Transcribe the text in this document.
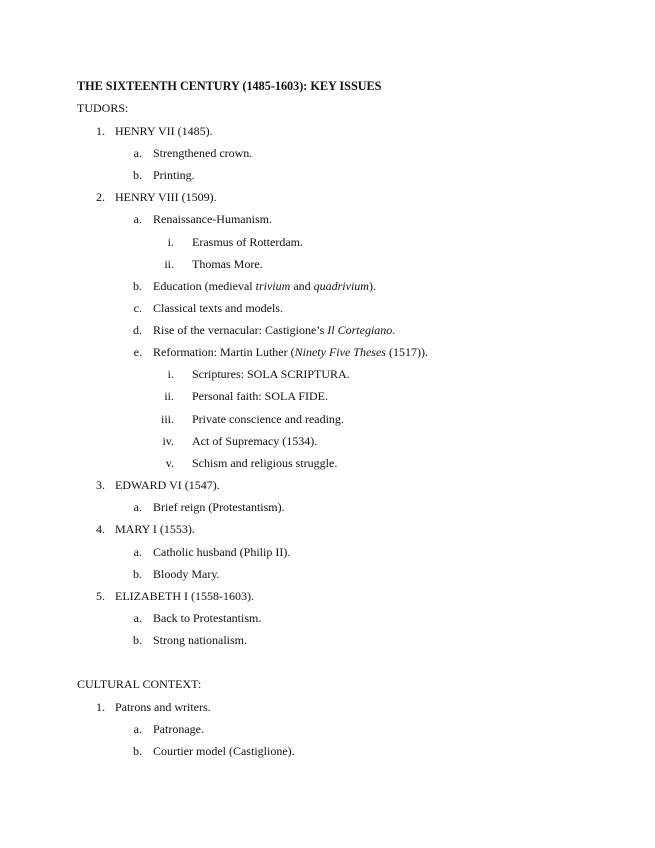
THE SIXTEENTH CENTURY (1485-1603): KEY ISSUES
TUDORS:
1. HENRY VII (1485).
a. Strengthened crown.
b. Printing.
2. HENRY VIII (1509).
a. Renaissance-Humanism.
i. Erasmus of Rotterdam.
ii. Thomas More.
b. Education (medieval trivium and quadrivium).
c. Classical texts and models.
d. Rise of the vernacular: Castigione’s Il Cortegiano.
e. Reformation: Martin Luther (Ninety Five Theses (1517)).
i. Scriptures: SOLA SCRIPTURA.
ii. Personal faith: SOLA FIDE.
iii. Private conscience and reading.
iv. Act of Supremacy (1534).
v. Schism and religious struggle.
3. EDWARD VI (1547).
a. Brief reign (Protestantism).
4. MARY I (1553).
a. Catholic husband (Philip II).
b. Bloody Mary.
5. ELIZABETH I (1558-1603).
a. Back to Protestantism.
b. Strong nationalism.
CULTURAL CONTEXT:
1. Patrons and writers.
a. Patronage.
b. Courtier model (Castiglione).
